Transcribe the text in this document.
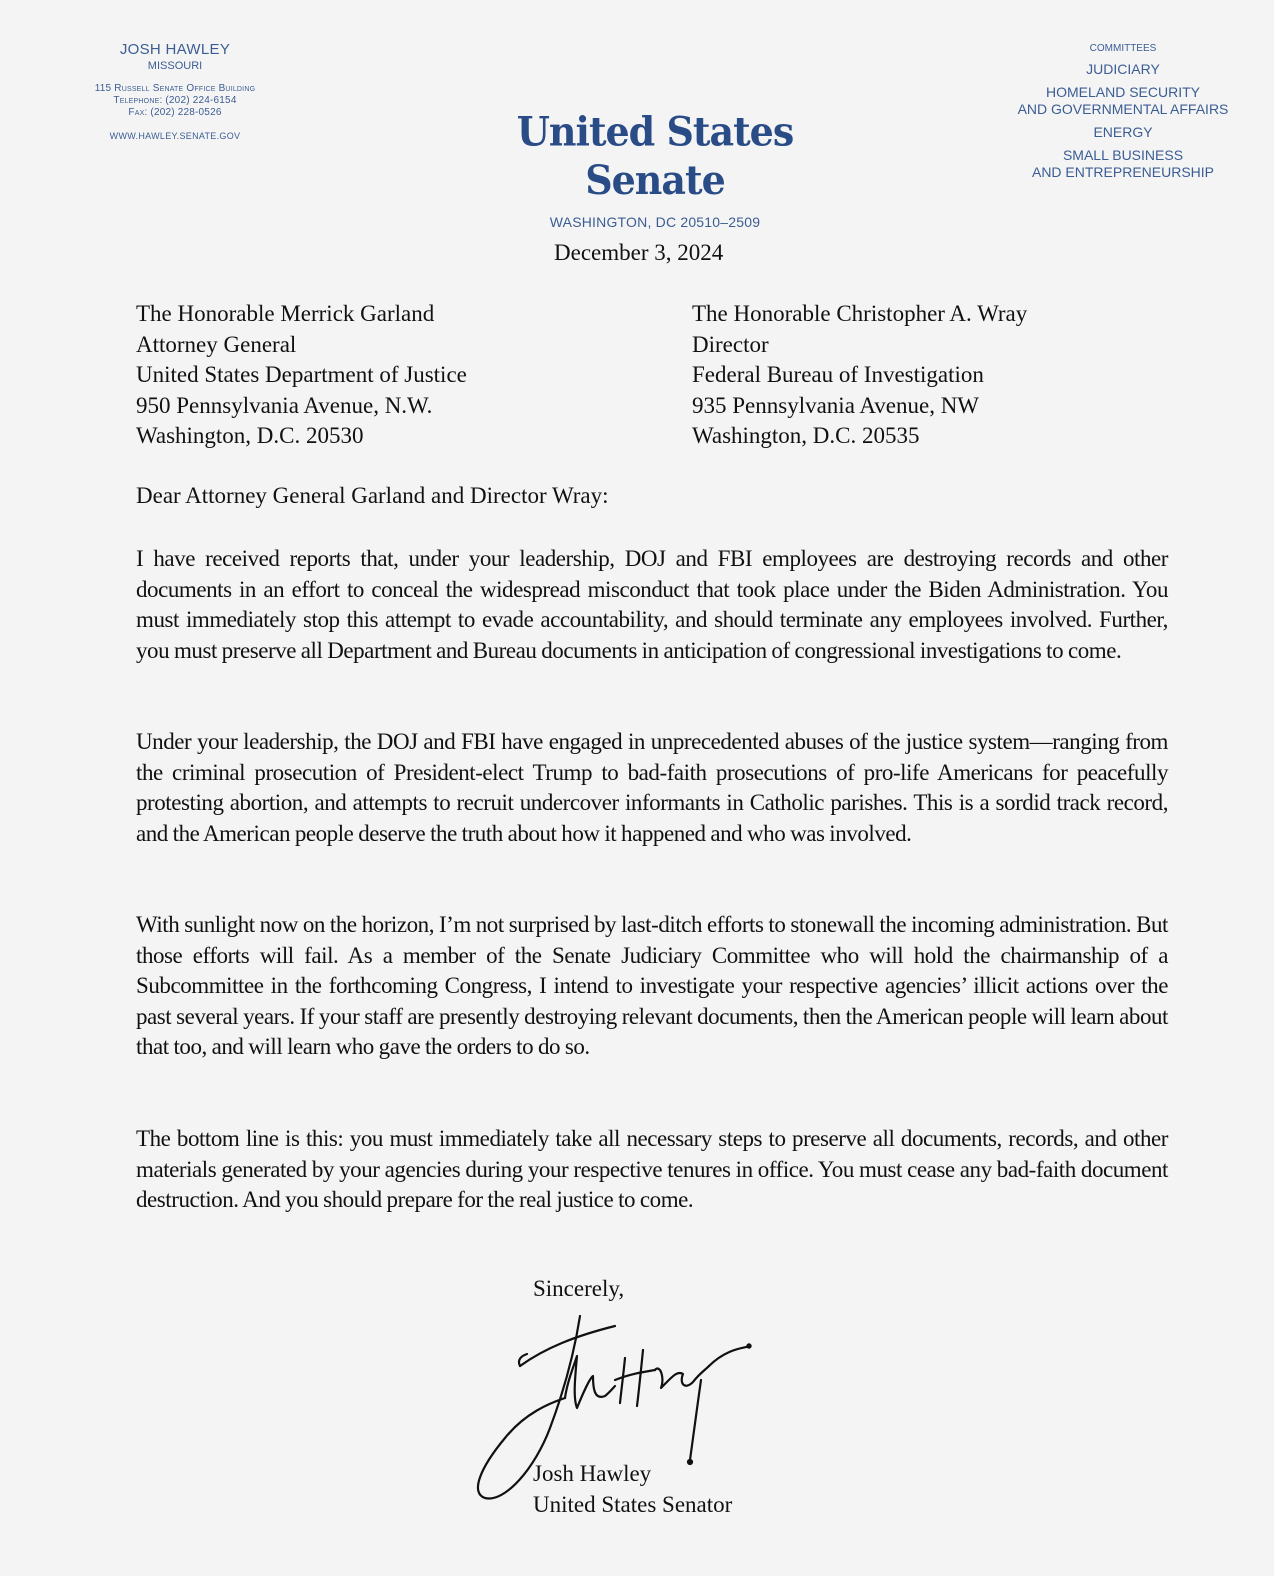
JOSH HAWLEY
MISSOURI
115 Russell Senate Office Building
Telephone: (202) 224-6154
Fax: (202) 228-0526
WWW.HAWLEY.SENATE.GOV	United States Senate
WASHINGTON, DC 20510–2509
COMMITTEES
JUDICIARY
HOMELAND SECURITY
AND GOVERNMENTAL AFFAIRS
ENERGY
SMALL BUSINESS
AND ENTREPRENEURSHIP
December 3, 2024
The Honorable Merrick Garland
Attorney General
United States Department of Justice
950 Pennsylvania Avenue, N.W.
Washington, D.C. 20530
The Honorable Christopher A. Wray
Director
Federal Bureau of Investigation
935 Pennsylvania Avenue, NW
Washington, D.C. 20535
Dear Attorney General Garland and Director Wray:

I have received reports that, under your leadership, DOJ and FBI employees are destroying records and other documents in an effort to conceal the widespread misconduct that took place under the Biden Administration. You must immediately stop this attempt to evade accountability, and should terminate any employees involved. Further, you must preserve all Department and Bureau documents in anticipation of congressional investigations to come.

Under your leadership, the DOJ and FBI have engaged in unprecedented abuses of the justice system—ranging from the criminal prosecution of President-elect Trump to bad-faith prosecutions of pro-life Americans for peacefully protesting abortion, and attempts to recruit undercover informants in Catholic parishes. This is a sordid track record, and the American people deserve the truth about how it happened and who was involved.

With sunlight now on the horizon, I’m not surprised by last-ditch efforts to stonewall the incoming administration. But those efforts will fail. As a member of the Senate Judiciary Committee who will hold the chairmanship of a Subcommittee in the forthcoming Congress, I intend to investigate your respective agencies’ illicit actions over the past several years. If your staff are presently destroying relevant documents, then the American people will learn about that too, and will learn who gave the orders to do so.

The bottom line is this: you must immediately take all necessary steps to preserve all documents, records, and other materials generated by your agencies during your respective tenures in office. You must cease any bad-faith document destruction. And you should prepare for the real justice to come.

Sincerely,
Josh Hawley
United States Senator
